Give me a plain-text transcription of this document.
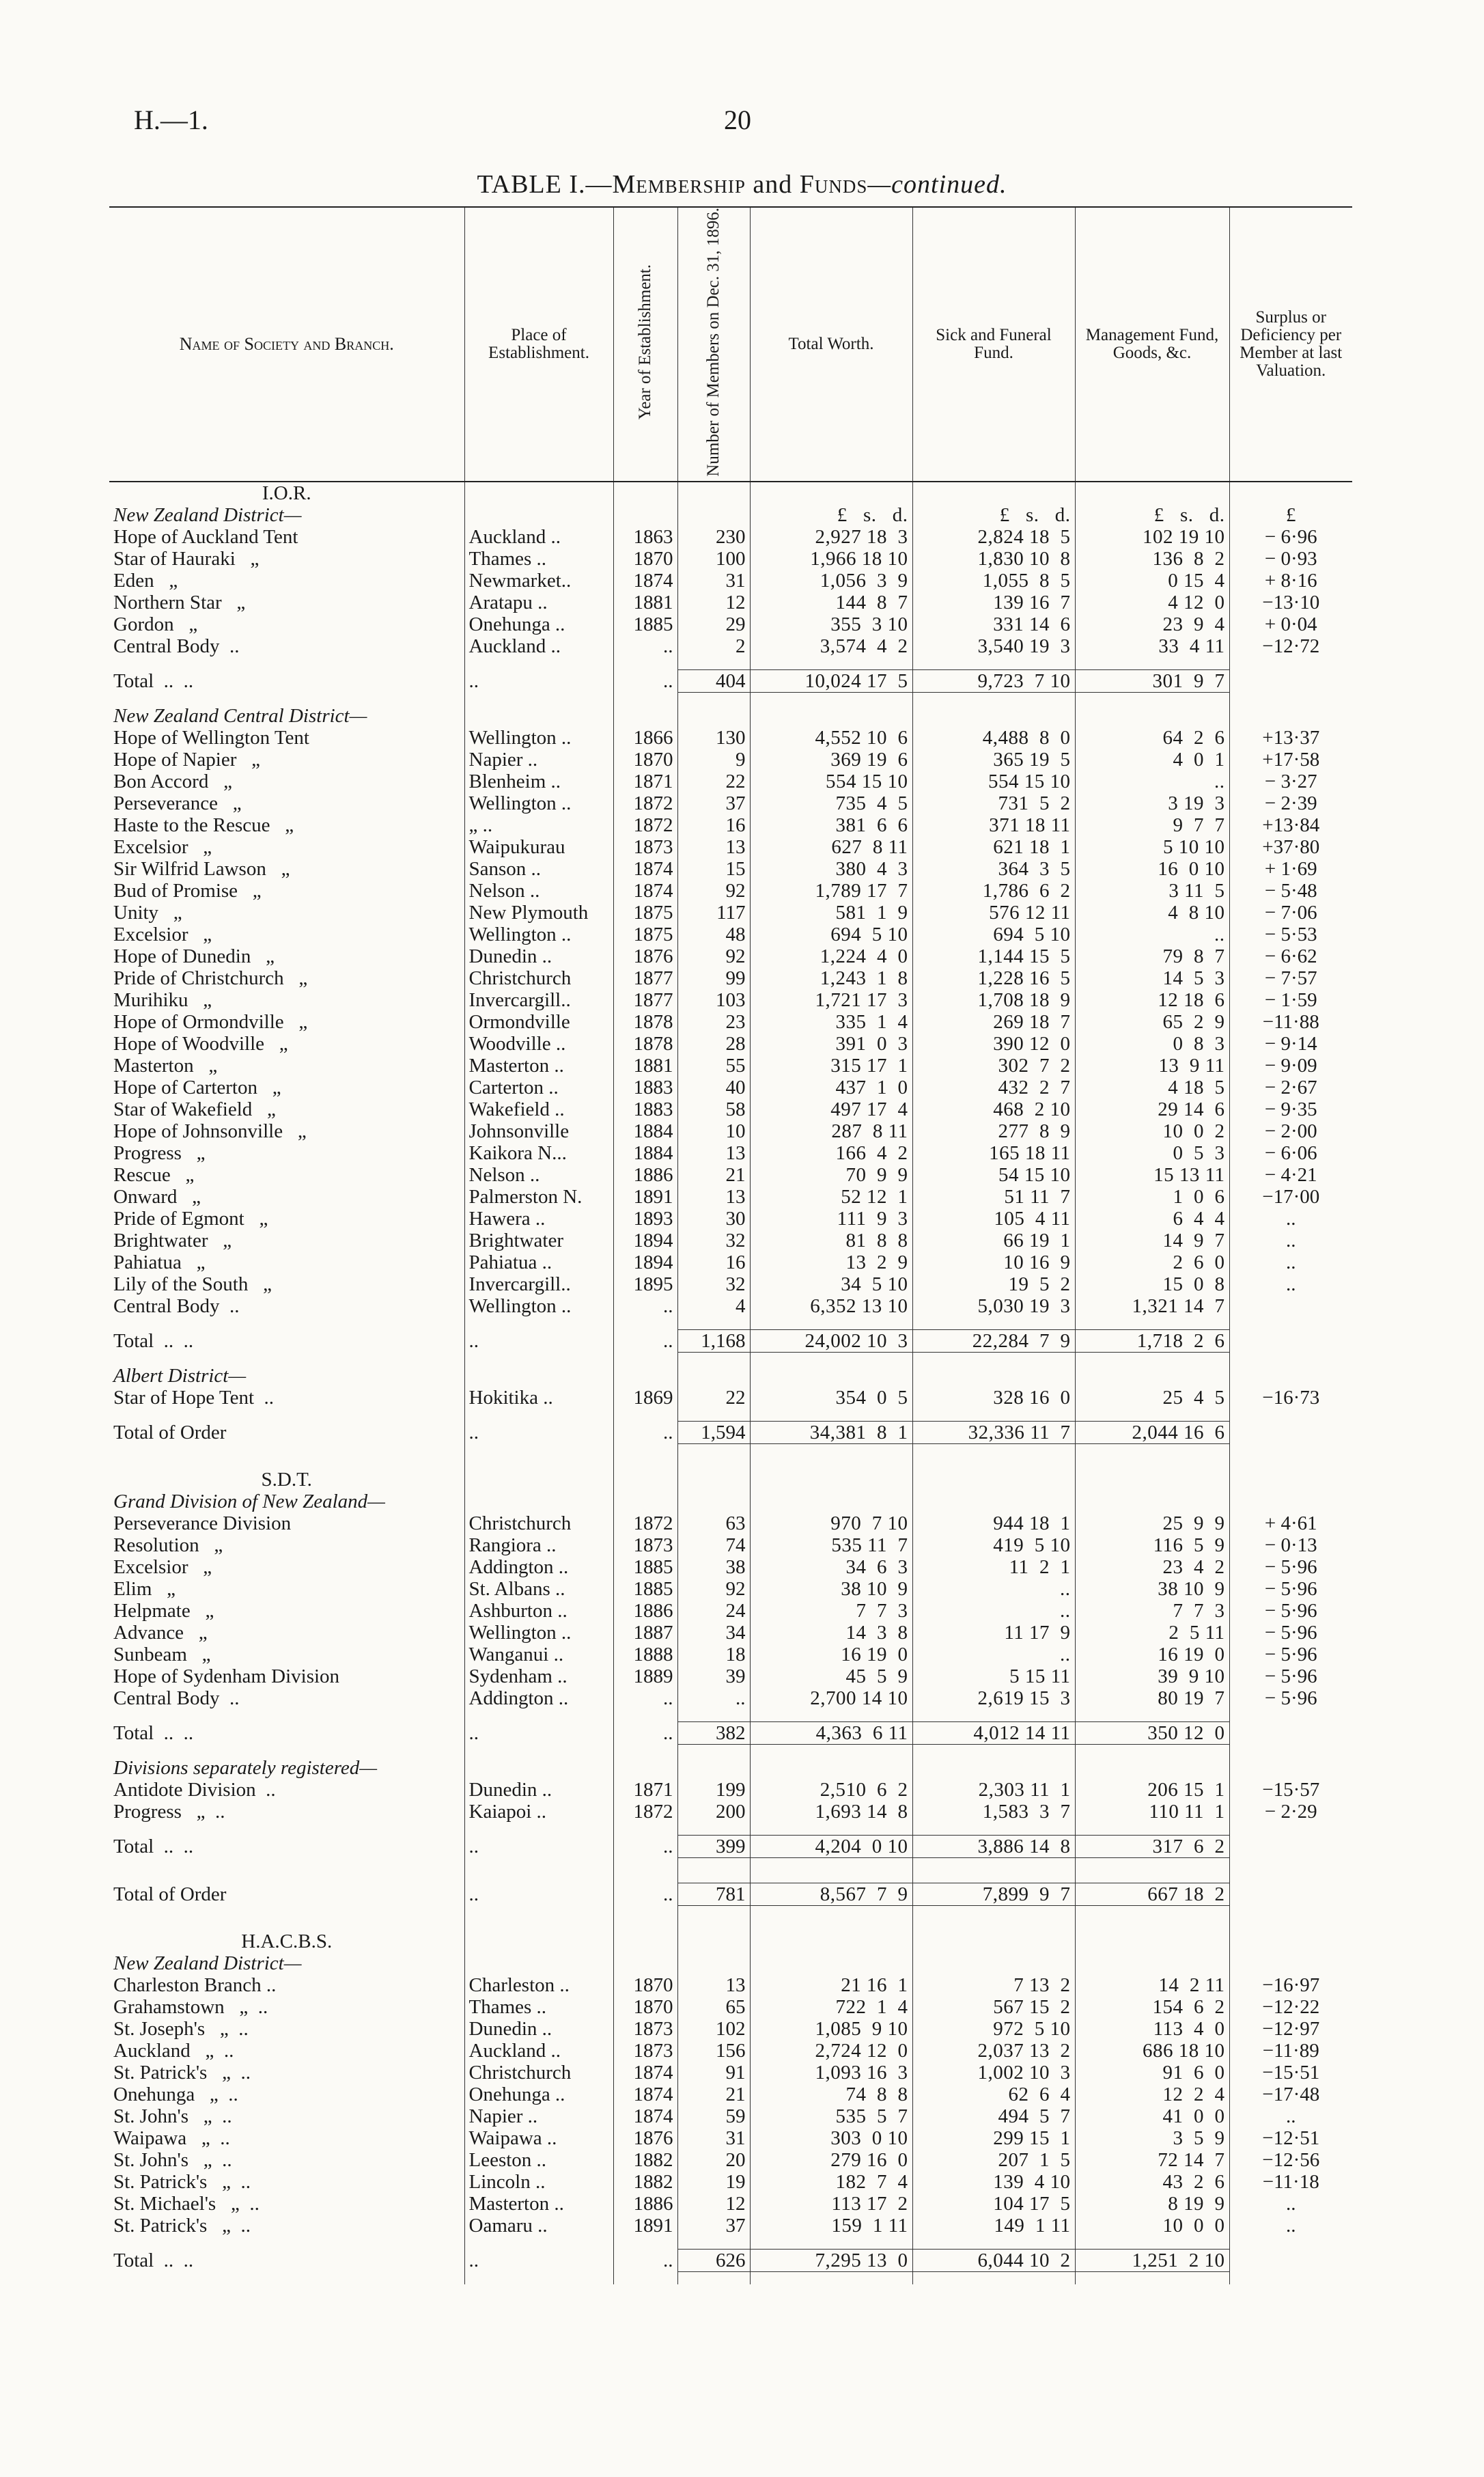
H.—1.	20
TABLE I.—Membership and Funds—continued.
Name of Society and Branch.	Place of Establishment.	Year of Establishment.	Number of Members on Dec. 31, 1896.	Total Worth.	Sick and Funeral Fund.	Management Fund, Goods, &c.	Surplus or Deficiency per Member at last Valuation.
I.O.R.							
New Zealand District—				£   s.   d.	£   s.   d.	£   s.   d.	£
Hope of Auckland Tent	Auckland ..	1863	230	2,927 18  3	2,824 18  5	102 19 10	− 6·96
Star of Hauraki   „	Thames ..	1870	100	1,966 18 10	1,830 10  8	136  8  2	− 0·93
Eden   „	Newmarket..	1874	31	1,056  3  9	1,055  8  5	0 15  4	+ 8·16
Northern Star   „	Aratapu ..	1881	12	144  8  7	139 16  7	4 12  0	−13·10
Gordon   „	Onehunga ..	1885	29	355  3 10	331 14  6	23  9  4	+ 0·04
Central Body  ..	Auckland ..	..	2	3,574  4  2	3,540 19  3	33  4 11	−12·72

Total  ..  ..	..	..	404	10,024 17  5	9,723  7 10	301  9  7	

New Zealand Central District—							
Hope of Wellington Tent	Wellington ..	1866	130	4,552 10  6	4,488  8  0	64  2  6	+13·37
Hope of Napier   „	Napier ..	1870	9	369 19  6	365 19  5	4  0  1	+17·58
Bon Accord   „	Blenheim ..	1871	22	554 15 10	554 15 10	..	− 3·27
Perseverance   „	Wellington ..	1872	37	735  4  5	731  5  2	3 19  3	− 2·39
Haste to the Rescue   „	„ ..	1872	16	381  6  6	371 18 11	9  7  7	+13·84
Excelsior   „	Waipukurau	1873	13	627  8 11	621 18  1	5 10 10	+37·80
Sir Wilfrid Lawson   „	Sanson ..	1874	15	380  4  3	364  3  5	16  0 10	+ 1·69
Bud of Promise   „	Nelson ..	1874	92	1,789 17  7	1,786  6  2	3 11  5	− 5·48
Unity   „	New Plymouth	1875	117	581  1  9	576 12 11	4  8 10	− 7·06
Excelsior   „	Wellington ..	1875	48	694  5 10	694  5 10	..	− 5·53
Hope of Dunedin   „	Dunedin ..	1876	92	1,224  4  0	1,144 15  5	79  8  7	− 6·62
Pride of Christchurch   „	Christchurch	1877	99	1,243  1  8	1,228 16  5	14  5  3	− 7·57
Murihiku   „	Invercargill..	1877	103	1,721 17  3	1,708 18  9	12 18  6	− 1·59
Hope of Ormondville   „	Ormondville	1878	23	335  1  4	269 18  7	65  2  9	−11·88
Hope of Woodville   „	Woodville ..	1878	28	391  0  3	390 12  0	0  8  3	− 9·14
Masterton   „	Masterton ..	1881	55	315 17  1	302  7  2	13  9 11	− 9·09
Hope of Carterton   „	Carterton ..	1883	40	437  1  0	432  2  7	4 18  5	− 2·67
Star of Wakefield   „	Wakefield ..	1883	58	497 17  4	468  2 10	29 14  6	− 9·35
Hope of Johnsonville   „	Johnsonville	1884	10	287  8 11	277  8  9	10  0  2	− 2·00
Progress   „	Kaikora N...	1884	13	166  4  2	165 18 11	0  5  3	− 6·06
Rescue   „	Nelson ..	1886	21	70  9  9	54 15 10	15 13 11	− 4·21
Onward   „	Palmerston N.	1891	13	52 12  1	51 11  7	1  0  6	−17·00
Pride of Egmont   „	Hawera ..	1893	30	111  9  3	105  4 11	6  4  4	..
Brightwater   „	Brightwater	1894	32	81  8  8	66 19  1	14  9  7	..
Pahiatua   „	Pahiatua ..	1894	16	13  2  9	10 16  9	2  6  0	..
Lily of the South   „	Invercargill..	1895	32	34  5 10	19  5  2	15  0  8	..
Central Body  ..	Wellington ..	..	4	6,352 13 10	5,030 19  3	1,321 14  7	

Total  ..  ..	..	..	1,168	24,002 10  3	22,284  7  9	1,718  2  6	

Albert District—							
Star of Hope Tent  ..	Hokitika ..	1869	22	354  0  5	328 16  0	25  4  5	−16·73

Total of Order	..	..	1,594	34,381  8  1	32,336 11  7	2,044 16  6	

S.D.T.							
Grand Division of New Zealand—							
Perseverance Division	Christchurch	1872	63	970  7 10	944 18  1	25  9  9	+ 4·61
Resolution   „	Rangiora ..	1873	74	535 11  7	419  5 10	116  5  9	− 0·13
Excelsior   „	Addington ..	1885	38	34  6  3	11  2  1	23  4  2	− 5·96
Elim   „	St. Albans ..	1885	92	38 10  9	..	38 10  9	− 5·96
Helpmate   „	Ashburton ..	1886	24	7  7  3	..	7  7  3	− 5·96
Advance   „	Wellington ..	1887	34	14  3  8	11 17  9	2  5 11	− 5·96
Sunbeam   „	Wanganui ..	1888	18	16 19  0	..	16 19  0	− 5·96
Hope of Sydenham Division	Sydenham ..	1889	39	45  5  9	5 15 11	39  9 10	− 5·96
Central Body  ..	Addington ..	..	..	2,700 14 10	2,619 15  3	80 19  7	− 5·96

Total  ..  ..	..	..	382	4,363  6 11	4,012 14 11	350 12  0	

Divisions separately registered—							
Antidote Division  ..	Dunedin ..	1871	199	2,510  6  2	2,303 11  1	206 15  1	−15·57
Progress   „  ..	Kaiapoi ..	1872	200	1,693 14  8	1,583  3  7	110 11  1	− 2·29

Total  ..  ..	..	..	399	4,204  0 10	3,886 14  8	317  6  2	

Total of Order	..	..	781	8,567  7  9	7,899  9  7	667 18  2	

H.A.C.B.S.							
New Zealand District—							
Charleston Branch ..	Charleston ..	1870	13	21 16  1	7 13  2	14  2 11	−16·97
Grahamstown   „  ..	Thames ..	1870	65	722  1  4	567 15  2	154  6  2	−12·22
St. Joseph's   „  ..	Dunedin ..	1873	102	1,085  9 10	972  5 10	113  4  0	−12·97
Auckland   „  ..	Auckland ..	1873	156	2,724 12  0	2,037 13  2	686 18 10	−11·89
St. Patrick's   „  ..	Christchurch	1874	91	1,093 16  3	1,002 10  3	91  6  0	−15·51
Onehunga   „  ..	Onehunga ..	1874	21	74  8  8	62  6  4	12  2  4	−17·48
St. John's   „  ..	Napier ..	1874	59	535  5  7	494  5  7	41  0  0	..
Waipawa   „  ..	Waipawa ..	1876	31	303  0 10	299 15  1	3  5  9	−12·51
St. John's   „  ..	Leeston ..	1882	20	279 16  0	207  1  5	72 14  7	−12·56
St. Patrick's   „  ..	Lincoln ..	1882	19	182  7  4	139  4 10	43  2  6	−11·18
St. Michael's   „  ..	Masterton ..	1886	12	113 17  2	104 17  5	8 19  9	..
St. Patrick's   „  ..	Oamaru ..	1891	37	159  1 11	149  1 11	10  0  0	..

Total  ..  ..	..	..	626	7,295 13  0	6,044 10  2	1,251  2 10	
